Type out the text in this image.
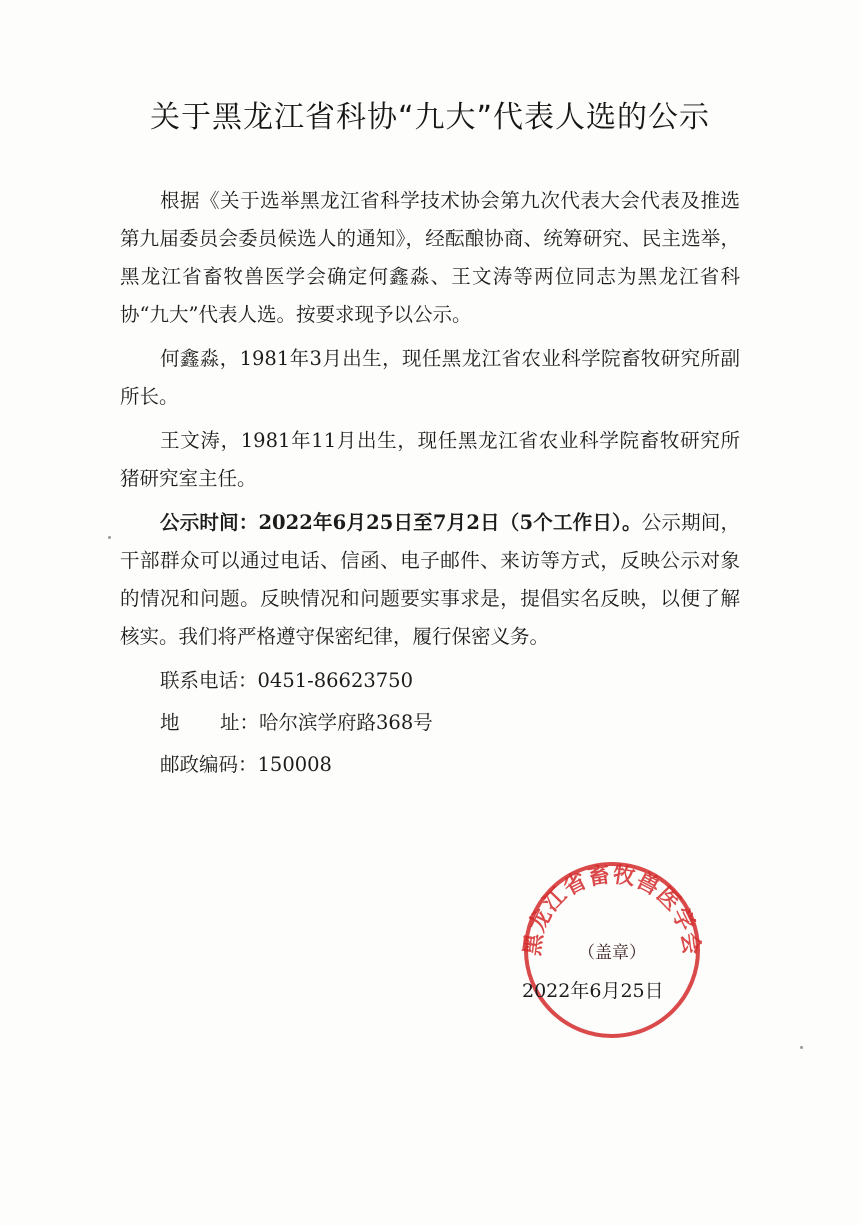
关于黑龙江省科协“九大”代表人选的公示

根据《关于选举黑龙江省科学技术协会第九次代表大会代表及推选第九届委员会委员候选人的通知》，经酝酿协商、统筹研究、民主选举，黑龙江省畜牧兽医学会确定何鑫淼、王文涛等两位同志为黑龙江省科协“九大”代表人选。按要求现予以公示。

何鑫淼，1981年3月出生，现任黑龙江省农业科学院畜牧研究所副所长。

王文涛，1981年11月出生，现任黑龙江省农业科学院畜牧研究所猪研究室主任。

公示时间：2022年6月25日至7月2日（5个工作日）。公示期间，干部群众可以通过电话、信函、电子邮件、来访等方式，反映公示对象的情况和问题。反映情况和问题要实事求是，提倡实名反映，以便了解核实。我们将严格遵守保密纪律，履行保密义务。

联系电话：0451-86623750
地 址：哈尔滨学府路368号
邮政编码：150008
黑龙江省畜牧兽医学会
（盖章）
2022年6月25日
